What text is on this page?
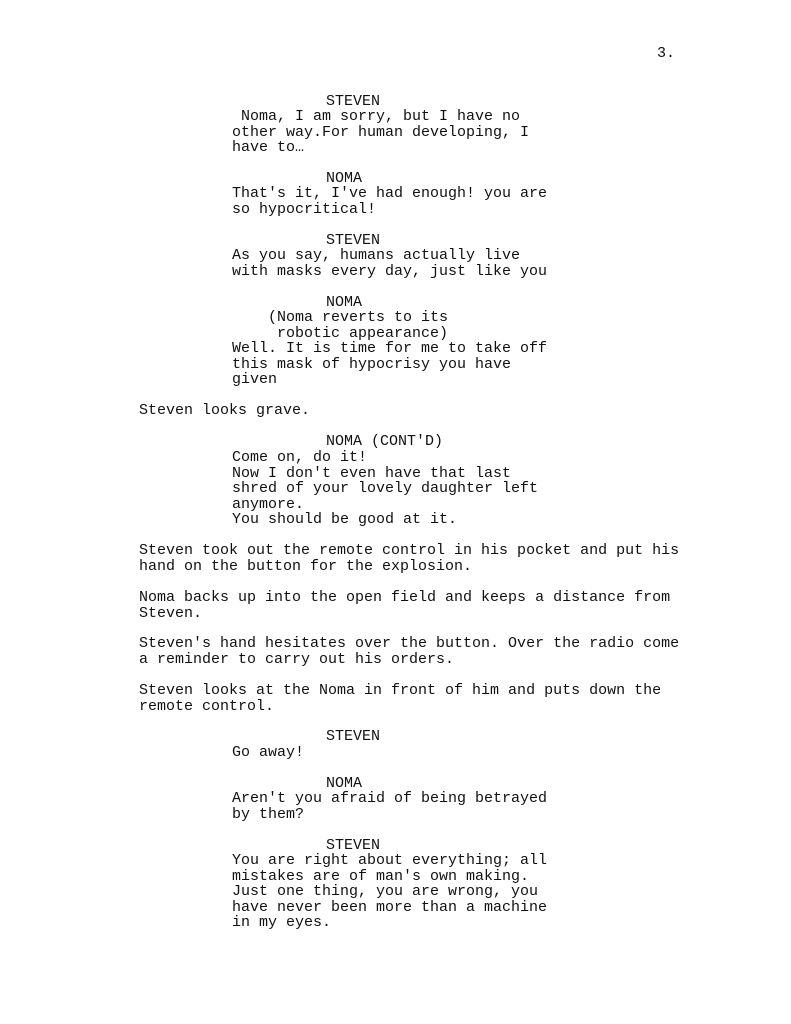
3.
STEVEN
Noma, I am sorry, but I have no
other way.For human developing, I
have to…
NOMA
That's it, I've had enough! you are
so hypocritical!
STEVEN
As you say, humans actually live
with masks every day, just like you
NOMA
(Noma reverts to its
robotic appearance)
Well. It is time for me to take off
this mask of hypocrisy you have
given
Steven looks grave.
NOMA (CONT'D)
Come on, do it!
Now I don't even have that last
shred of your lovely daughter left
anymore.
You should be good at it.
Steven took out the remote control in his pocket and put his
hand on the button for the explosion.
Noma backs up into the open field and keeps a distance from
Steven.
Steven's hand hesitates over the button. Over the radio come
a reminder to carry out his orders.
Steven looks at the Noma in front of him and puts down the
remote control.
STEVEN
Go away!
NOMA
Aren't you afraid of being betrayed
by them?
STEVEN
You are right about everything; all
mistakes are of man's own making.
Just one thing, you are wrong, you
have never been more than a machine
in my eyes.
